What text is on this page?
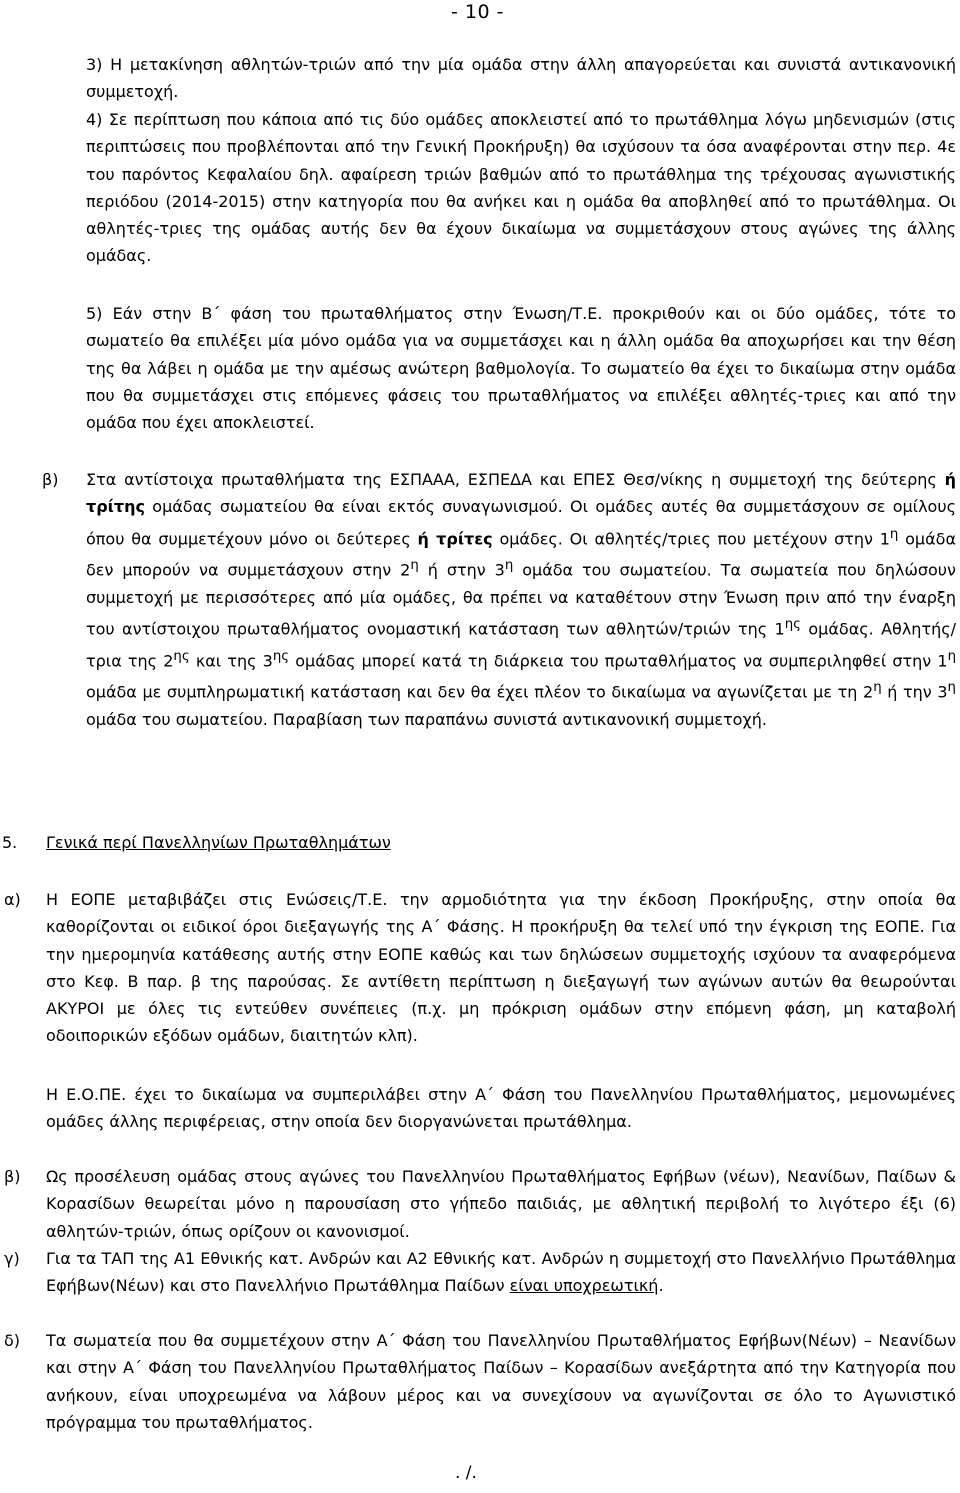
- 10 -

3) Η μετακίνηση αθλητών-τριών από την μία ομάδα στην άλλη απαγορεύεται και συνιστά αντικανονική συμμετοχή.

4) Σε περίπτωση που κάποια από τις δύο ομάδες αποκλειστεί από το πρωτάθλημα λόγω μηδενισμών (στις περιπτώσεις που προβλέπονται από την Γενική Προκήρυξη) θα ισχύσουν τα όσα αναφέρονται στην περ. 4ε του παρόντος Κεφαλαίου δηλ. αφαίρεση τριών βαθμών από το πρωτάθλημα της τρέχουσας αγωνιστικής περιόδου (2014-2015) στην κατηγορία που θα ανήκει και η ομάδα θα αποβληθεί από το πρωτάθλημα. Οι αθλητές-τριες της ομάδας αυτής δεν θα έχουν δικαίωμα να συμμετάσχουν στους αγώνες της άλλης ομάδας.

5) Εάν στην Β΄ φάση του πρωταθλήματος στην Ένωση/Τ.Ε. προκριθούν και οι δύο ομάδες, τότε το σωματείο θα επιλέξει μία μόνο ομάδα για να συμμετάσχει και η άλλη ομάδα θα αποχωρήσει και την θέση της θα λάβει η ομάδα με την αμέσως ανώτερη βαθμολογία. Το σωματείο θα έχει το δικαίωμα στην ομάδα που θα συμμετάσχει στις επόμενες φάσεις του πρωταθλήματος να επιλέξει αθλητές-τριες και από την ομάδα που έχει αποκλειστεί.

β) Στα αντίστοιχα πρωταθλήματα της ΕΣΠΑΑΑ, ΕΣΠΕΔΑ και ΕΠΕΣ Θεσ/νίκης η συμμετοχή της δεύτερης ή τρίτης ομάδας σωματείου θα είναι εκτός συναγωνισμού. Οι ομάδες αυτές θα συμμετάσχουν σε ομίλους όπου θα συμμετέχουν μόνο οι δεύτερες ή τρίτες ομάδες. Οι αθλητές/τριες που μετέχουν στην $1^\eta$ ομάδα δεν μπορούν να συμμετάσχουν στην $2^\eta$ ή στην $3^\eta$ ομάδα του σωματείου. Τα σωματεία που δηλώσουν συμμετοχή με περισσότερες από μία ομάδες, θα πρέπει να καταθέτουν στην Ένωση πριν από την έναρξη του αντίστοιχου πρωταθλήματος ονομαστική κατάσταση των αθλητών/τριών της $1^{\eta\varsigma}$ ομάδας. Αθλητής/τρια της $2^{\eta\varsigma}$ και της $3^{\eta\varsigma}$ ομάδας μπορεί κατά τη διάρκεια του πρωταθλήματος να συμπεριληφθεί στην $1^\eta$ ομάδα με συμπληρωματική κατάσταση και δεν θα έχει πλέον το δικαίωμα να αγωνίζεται με τη $2^\eta$ ή την $3^\eta$ ομάδα του σωματείου. Παραβίαση των παραπάνω συνιστά αντικανονική συμμετοχή.

5. Γενικά περί Πανελληνίων Πρωταθλημάτων
α) Η ΕΟΠΕ μεταβιβάζει στις Ενώσεις/Τ.Ε. την αρμοδιότητα για την έκδοση Προκήρυξης, στην οποία θα καθορίζονται οι ειδικοί όροι διεξαγωγής της Α΄ Φάσης. Η προκήρυξη θα τελεί υπό την έγκριση της ΕΟΠΕ. Για την ημερομηνία κατάθεσης αυτής στην ΕΟΠΕ καθώς και των δηλώσεων συμμετοχής ισχύουν τα αναφερόμενα στο Κεφ. Β παρ. β της παρούσας. Σε αντίθετη περίπτωση η διεξαγωγή των αγώνων αυτών θα θεωρούνται ΑΚΥΡΟΙ με όλες τις εντεύθεν συνέπειες (π.χ. μη πρόκριση ομάδων στην επόμενη φάση, μη καταβολή οδοιπορικών εξόδων ομάδων, διαιτητών κλπ).

Η Ε.Ο.ΠΕ. έχει το δικαίωμα να συμπεριλάβει στην Α΄ Φάση του Πανελληνίου Πρωταθλήματος, μεμονωμένες ομάδες άλλης περιφέρειας, στην οποία δεν διοργανώνεται πρωτάθλημα.

β) Ως προσέλευση ομάδας στους αγώνες του Πανελληνίου Πρωταθλήματος Εφήβων (νέων), Νεανίδων, Παίδων & Κορασίδων θεωρείται μόνο η παρουσίαση στο γήπεδο παιδιάς, με αθλητική περιβολή το λιγότερο έξι (6) αθλητών-τριών, όπως ορίζουν οι κανονισμοί.

γ) Για τα ΤΑΠ της Α1 Εθνικής κατ. Ανδρών και Α2 Εθνικής κατ. Ανδρών η συμμετοχή στο Πανελλήνιο Πρωτάθλημα Εφήβων(Νέων) και στο Πανελλήνιο Πρωτάθλημα Παίδων είναι υποχρεωτική.

δ) Τα σωματεία που θα συμμετέχουν στην Α΄ Φάση του Πανελληνίου Πρωταθλήματος Εφήβων(Νέων) – Νεανίδων και στην Α΄ Φάση του Πανελληνίου Πρωταθλήματος Παίδων – Κορασίδων ανεξάρτητα από την Κατηγορία που ανήκουν, είναι υποχρεωμένα να λάβουν μέρος και να συνεχίσουν να αγωνίζονται σε όλο το Αγωνιστικό πρόγραμμα του πρωταθλήματος.

. /.
